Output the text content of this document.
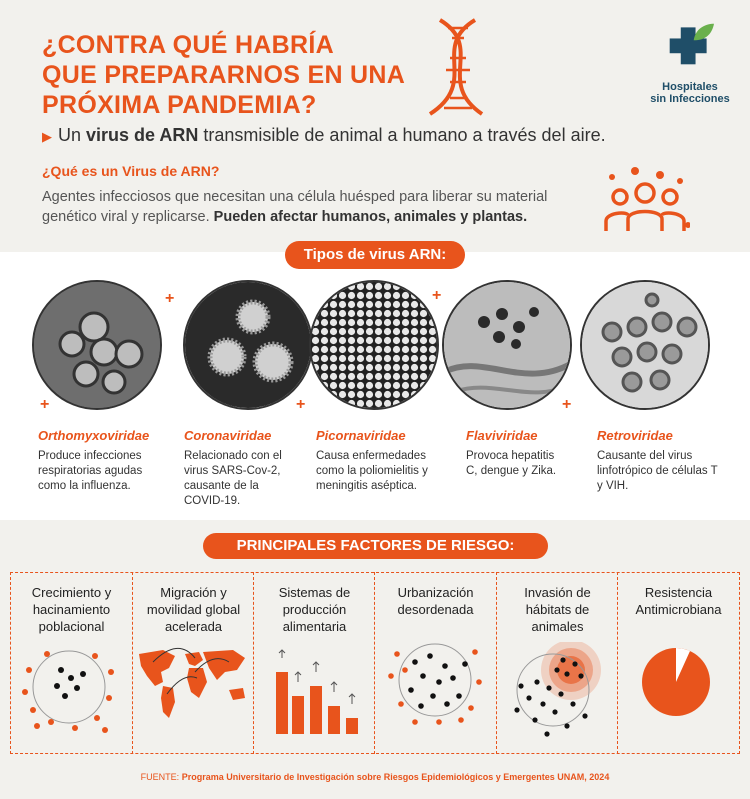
¿CONTRA QUÉ HABRÍA
QUE PREPARARNOS EN UNA
PRÓXIMA PANDEMIA?
Hospitales
sin Infecciones
▶ Un virus de ARN transmisible de animal a humano a través del aire.
¿Qué es un Virus de ARN?
Agentes infecciosos que necesitan una célula huésped para liberar su material genético viral y replicarse. Pueden afectar humanos, animales y plantas.
Tipos de virus ARN:
+
+	+
+
+
Orthomyxoviridae
Produce infecciones respiratorias agudas como la influenza.
Coronaviridae
Relacionado con el virus SARS-Cov-2, causante de la COVID-19.
Picornaviridae
Causa enfermedades como la poliomielitis y meningitis aséptica.
Flaviviridae
Provoca hepatitis C, dengue y Zika.
Retroviridae
Causante del virus linfotrópico de células T y VIH.
PRINCIPALES FACTORES DE RIESGO:
Crecimiento y hacinamiento poblacional
Migración y movilidad global acelerada
Sistemas de producción alimentaria
Urbanización desordenada
Invasión de hábitats de animales
Resistencia Antimicrobiana
FUENTE: Programa Universitario de Investigación sobre Riesgos Epidemiológicos y Emergentes UNAM, 2024
